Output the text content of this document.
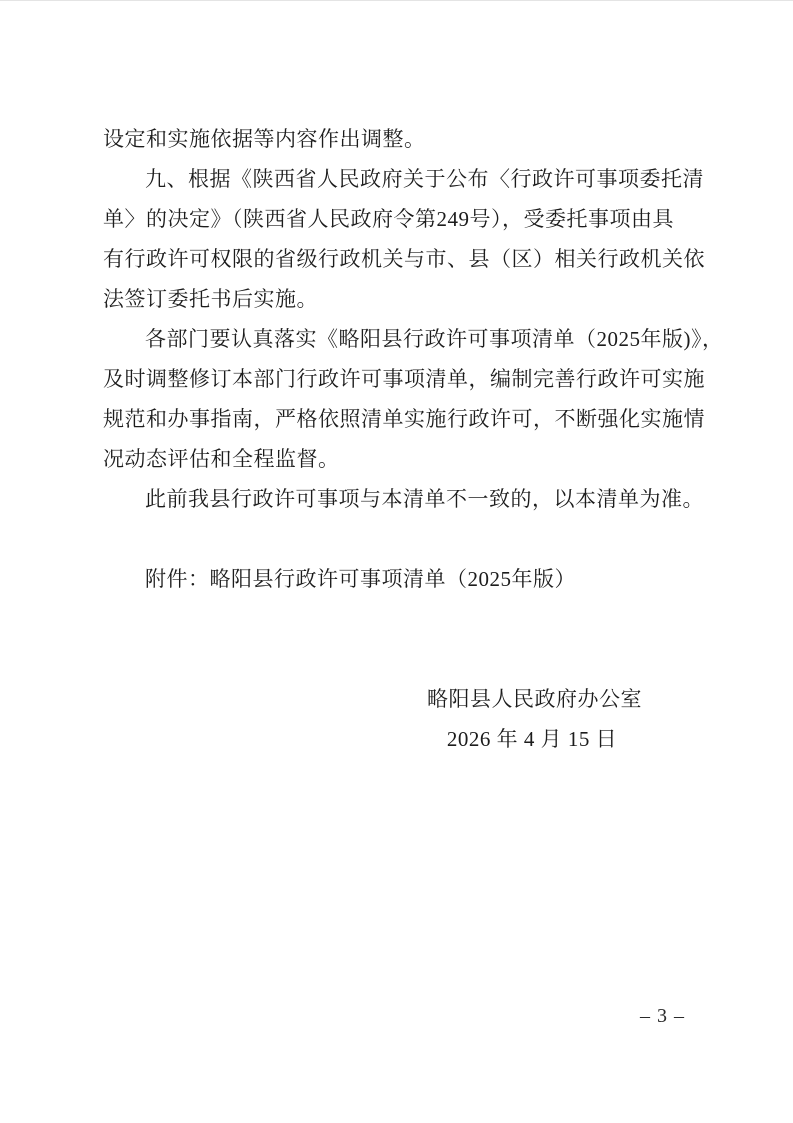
设定和实施依据等内容作出调整。
九、根据《陕西省人民政府关于公布〈行政许可事项委托清
单〉的决定》（陕西省人民政府令第249号），受委托事项由具
有行政许可权限的省级行政机关与市、县（区）相关行政机关依
法签订委托书后实施。
各部门要认真落实《略阳县行政许可事项清单（2025年版)》，
及时调整修订本部门行政许可事项清单，编制完善行政许可实施
规范和办事指南，严格依照清单实施行政许可，不断强化实施情
况动态评估和全程监督。
此前我县行政许可事项与本清单不一致的，以本清单为准。
附件：略阳县行政许可事项清单（2025年版）
略阳县人民政府办公室
2026 年 4 月 15 日
– 3 –
